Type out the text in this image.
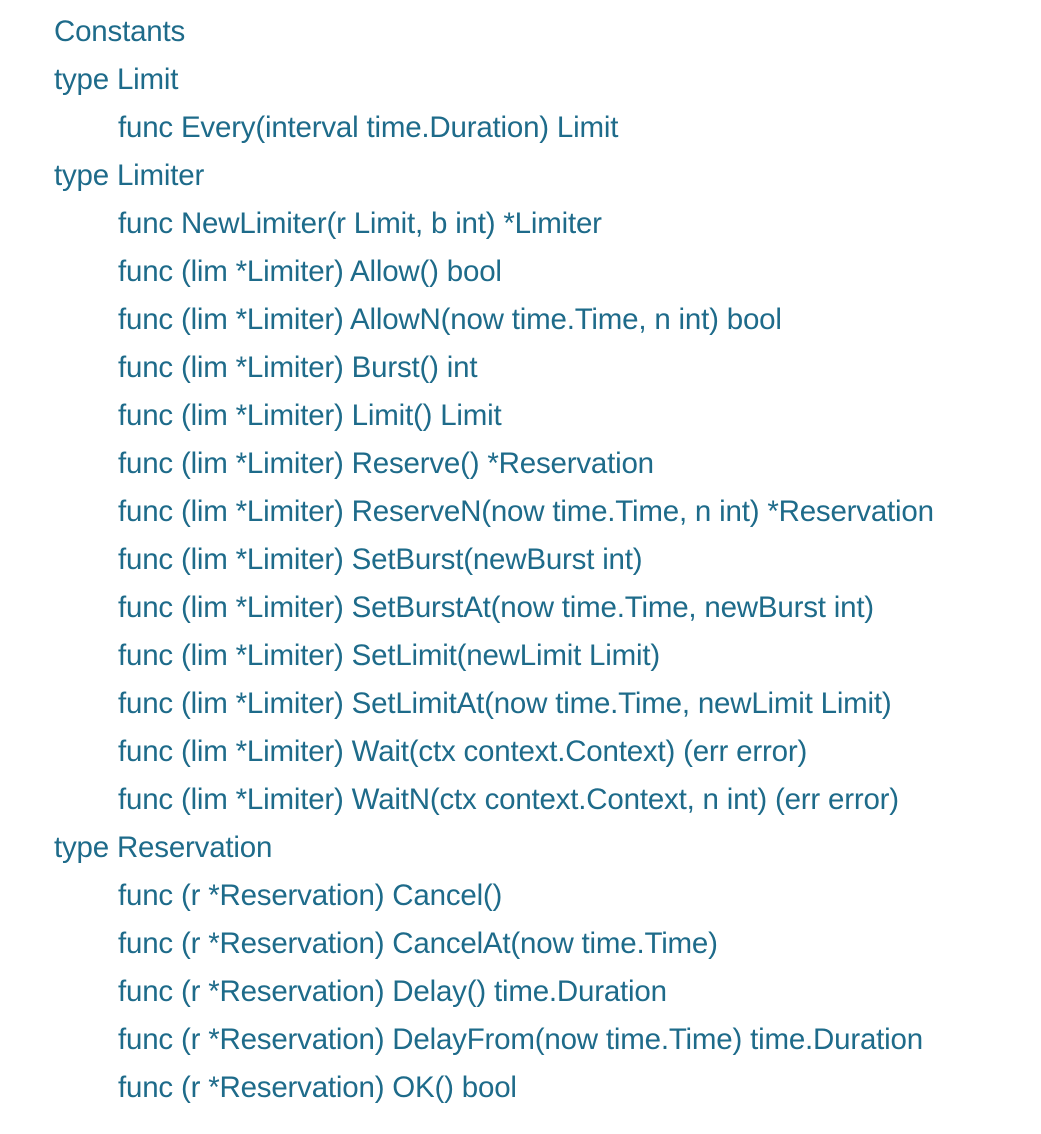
Constants
type Limit
func Every(interval time.Duration) Limit
type Limiter
func NewLimiter(r Limit, b int) *Limiter
func (lim *Limiter) Allow() bool
func (lim *Limiter) AllowN(now time.Time, n int) bool
func (lim *Limiter) Burst() int
func (lim *Limiter) Limit() Limit
func (lim *Limiter) Reserve() *Reservation
func (lim *Limiter) ReserveN(now time.Time, n int) *Reservation
func (lim *Limiter) SetBurst(newBurst int)
func (lim *Limiter) SetBurstAt(now time.Time, newBurst int)
func (lim *Limiter) SetLimit(newLimit Limit)
func (lim *Limiter) SetLimitAt(now time.Time, newLimit Limit)
func (lim *Limiter) Wait(ctx context.Context) (err error)
func (lim *Limiter) WaitN(ctx context.Context, n int) (err error)
type Reservation
func (r *Reservation) Cancel()
func (r *Reservation) CancelAt(now time.Time)
func (r *Reservation) Delay() time.Duration
func (r *Reservation) DelayFrom(now time.Time) time.Duration
func (r *Reservation) OK() bool
